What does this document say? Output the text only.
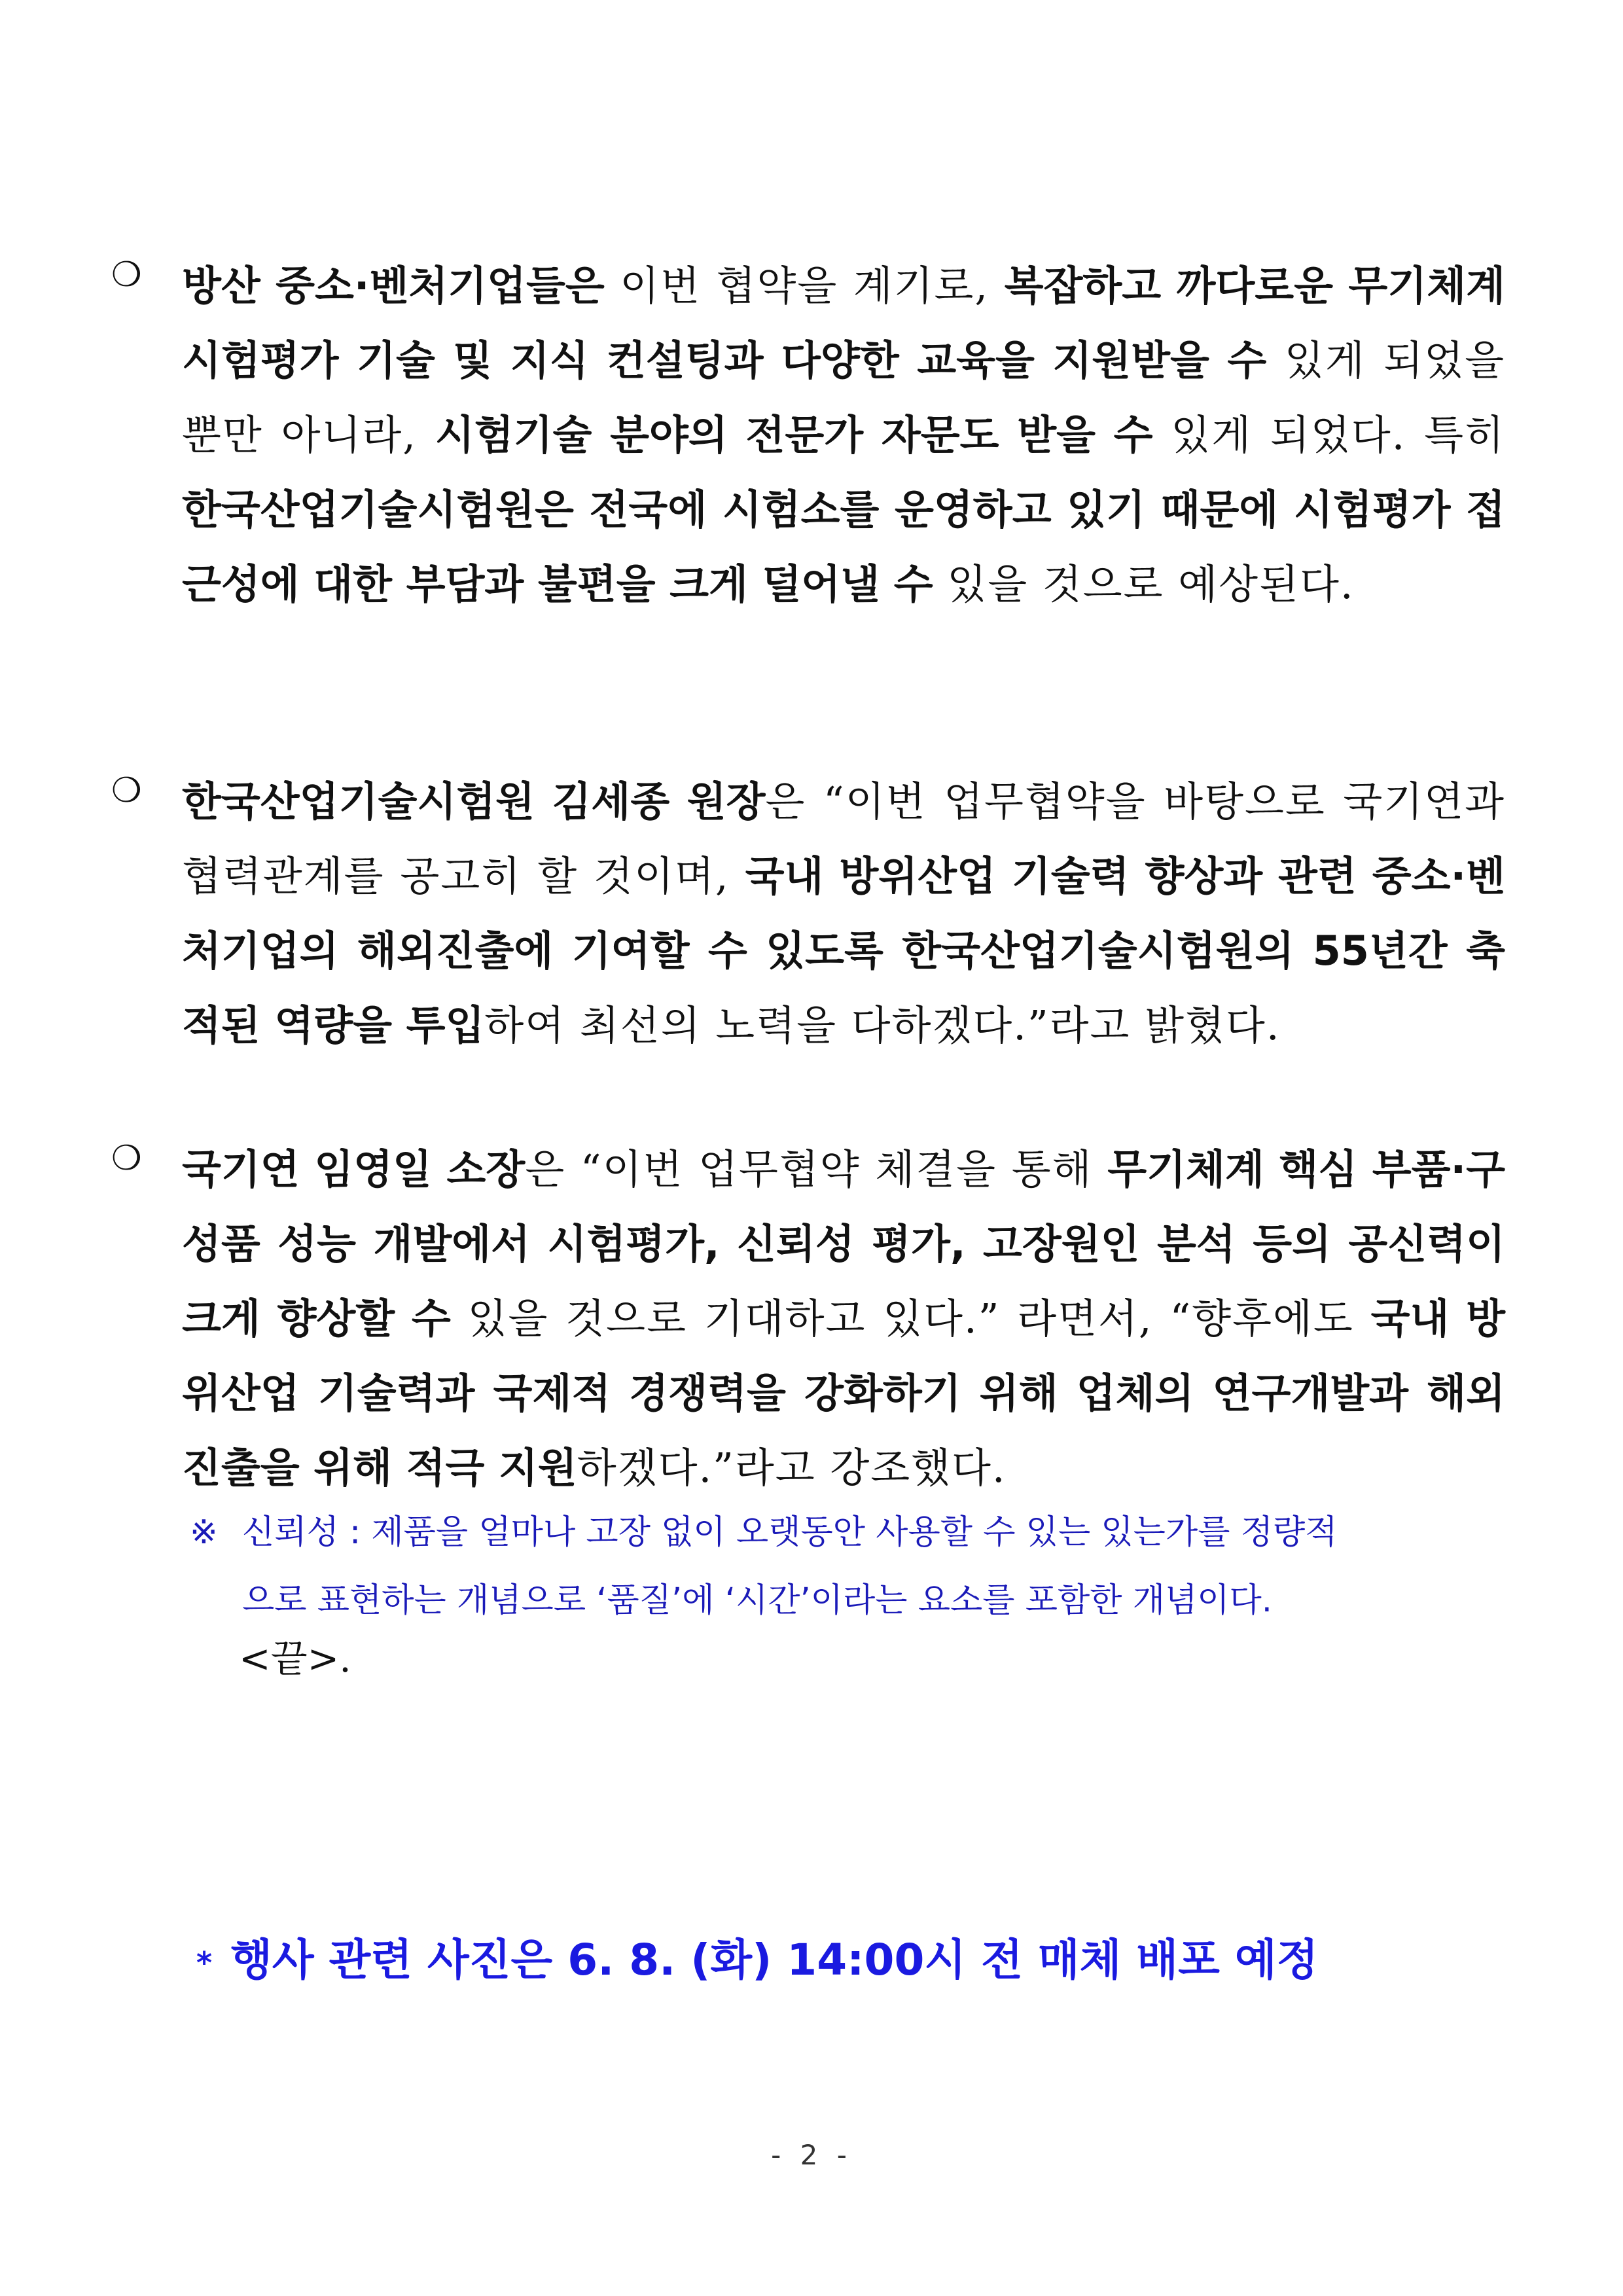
❍ 방산 중소·벤처기업들은 이번 협약을 계기로, 복잡하고 까다로운 무기체계 시험평가 기술 및 지식 컨설팅과 다양한 교육을 지원받을 수 있게 되었을 뿐만 아니라, 시험기술 분야의 전문가 자문도 받을 수 있게 되었다. 특히 한국산업기술시험원은 전국에 시험소를 운영하고 있기 때문에 시험평가 접근성에 대한 부담과 불편을 크게 덜어낼 수 있을 것으로 예상된다.
❍ 한국산업기술시험원 김세종 원장은 “이번 업무협약을 바탕으로 국기연과 협력관계를 공고히 할 것이며, 국내 방위산업 기술력 향상과 관련 중소·벤처기업의 해외진출에 기여할 수 있도록 한국산업기술시험원의 55년간 축적된 역량을 투입하여 최선의 노력을 다하겠다.”라고 밝혔다.
❍ 국기연 임영일 소장은 “이번 업무협약 체결을 통해 무기체계 핵심 부품·구성품 성능 개발에서 시험평가, 신뢰성 평가, 고장원인 분석 등의 공신력이 크게 향상할 수 있을 것으로 기대하고 있다.” 라면서, “향후에도 국내 방위산업 기술력과 국제적 경쟁력을 강화하기 위해 업체의 연구개발과 해외진출을 위해 적극 지원하겠다.”라고 강조했다.
※ 신뢰성 : 제품을 얼마나 고장 없이 오랫동안 사용할 수 있는 있는가를 정량적
으로 표현하는 개념으로 ‘품질’에 ‘시간’이라는 요소를 포함한 개념이다.
<끝>.
* 행사 관련 사진은 6. 8. (화) 14:00시 전 매체 배포 예정
- 2 -
